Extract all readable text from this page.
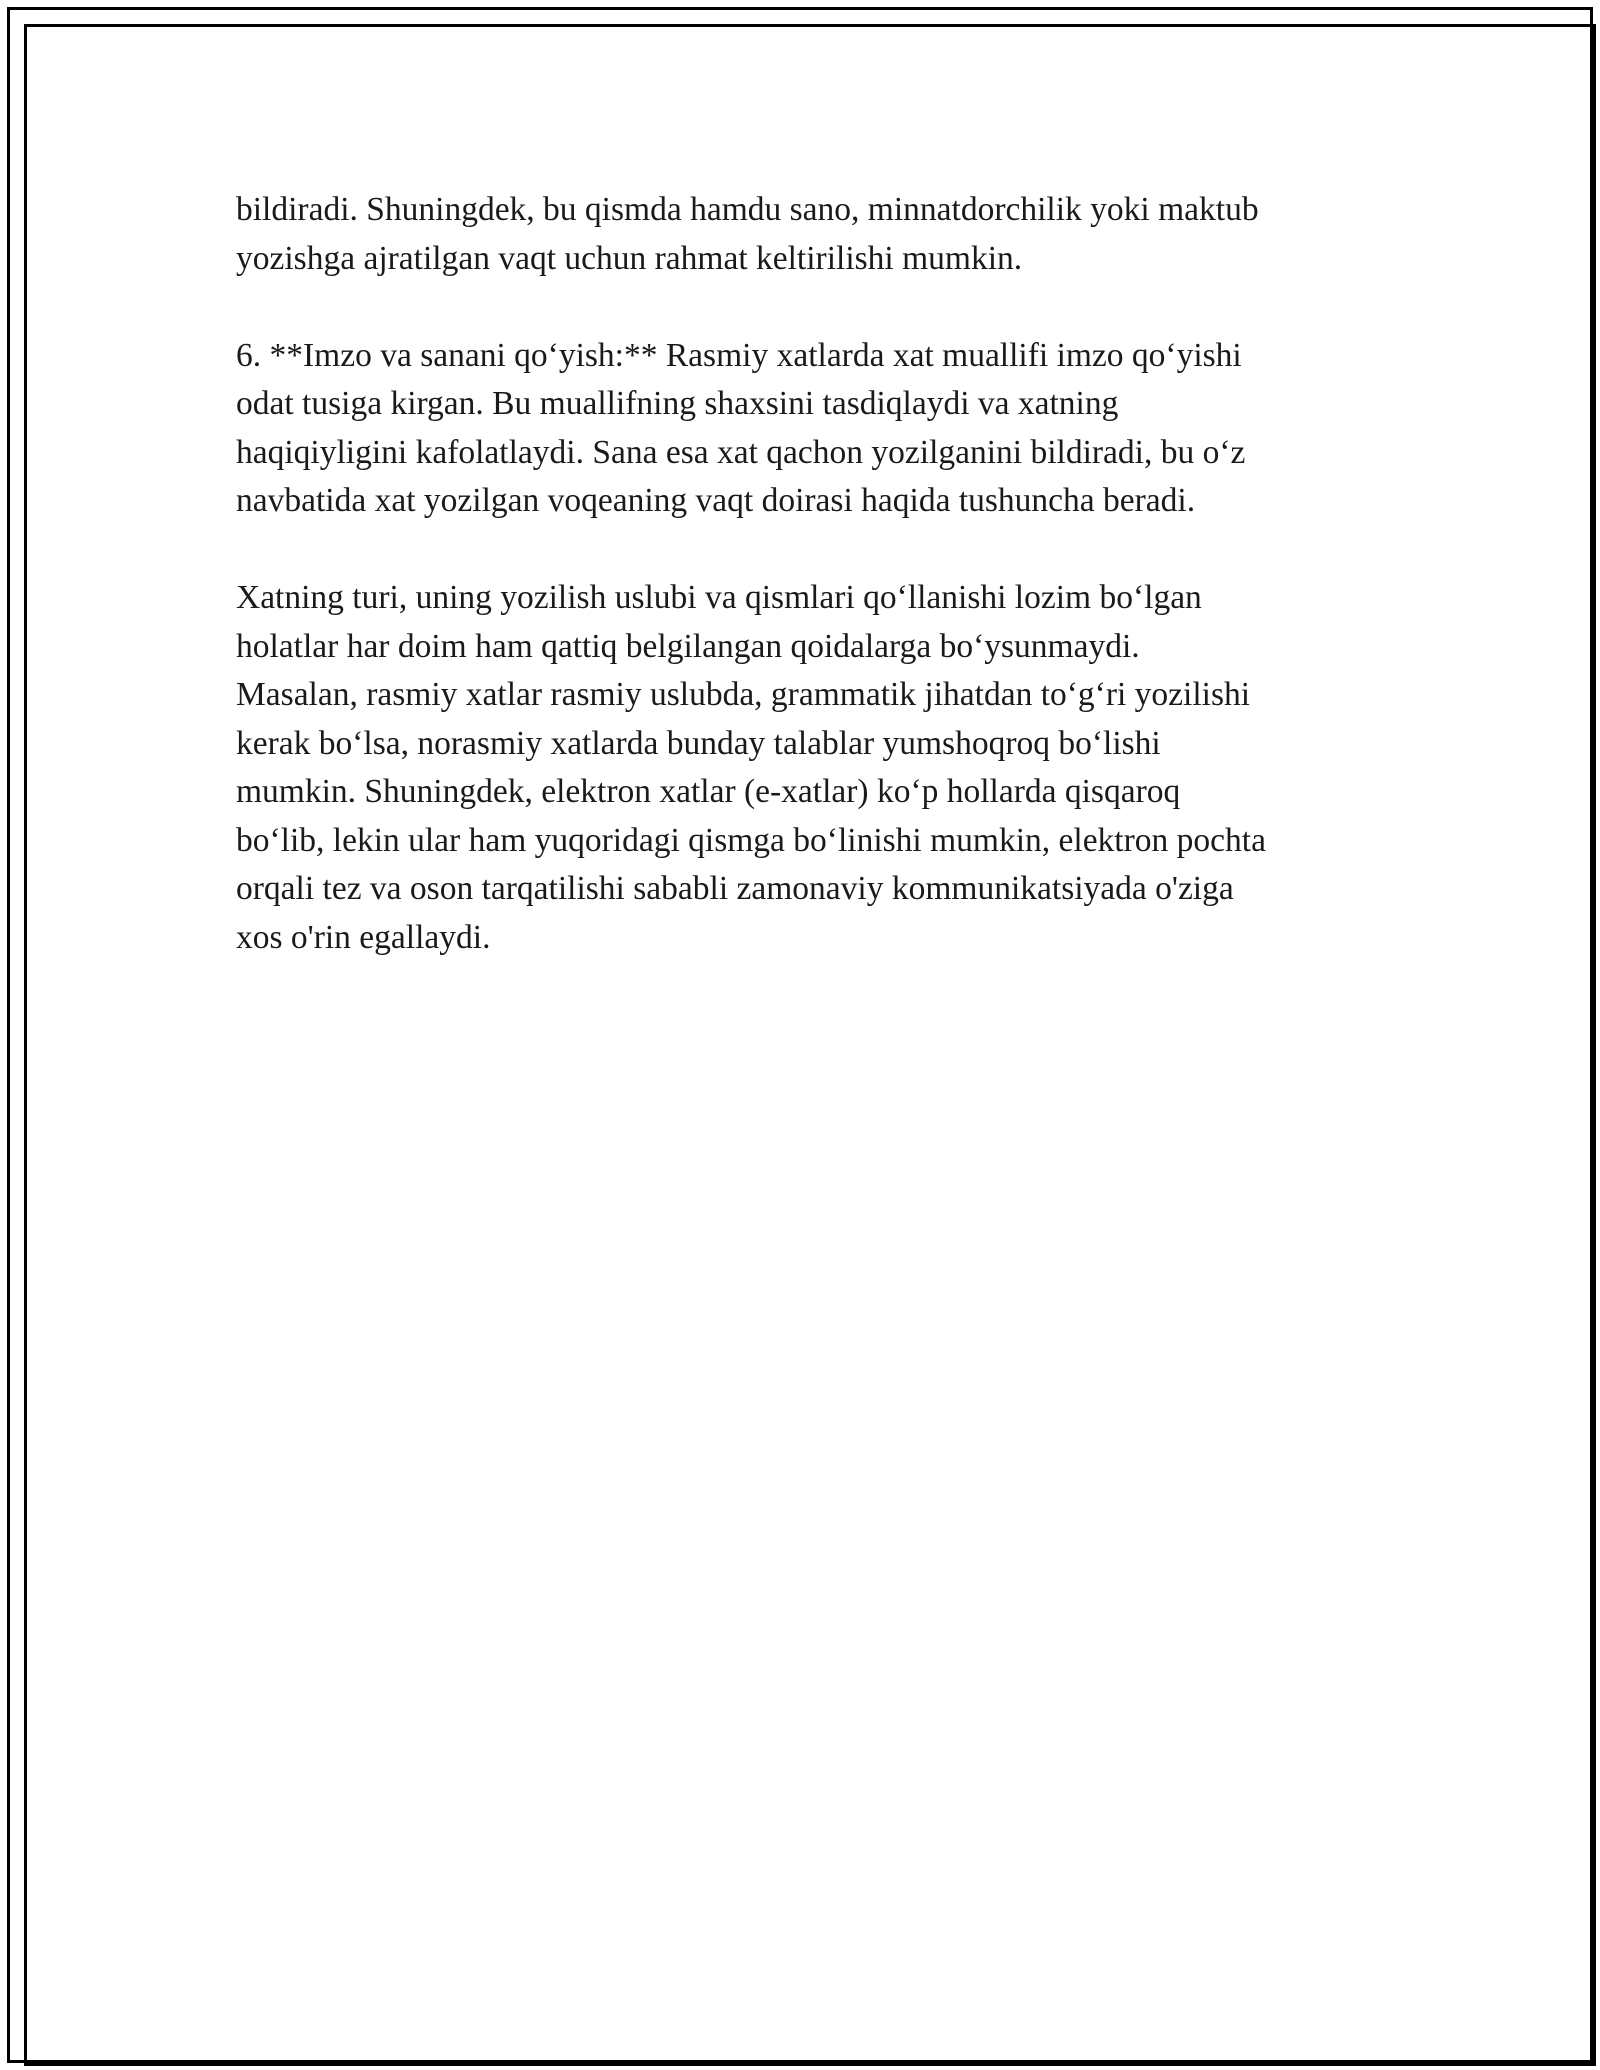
bildiradi. Shuningdek, bu qismda hamdu sano, minnatdorchilik yoki maktub
yozishga ajratilgan vaqt uchun rahmat keltirilishi mumkin.

6. **Imzo va sanani qo‘yish:** Rasmiy xatlarda xat muallifi imzo qo‘yishi
odat tusiga kirgan. Bu muallifning shaxsini tasdiqlaydi va xatning
haqiqiyligini kafolatlaydi. Sana esa xat qachon yozilganini bildiradi, bu o‘z
navbatida xat yozilgan voqeaning vaqt doirasi haqida tushuncha beradi.

Xatning turi, uning yozilish uslubi va qismlari qo‘llanishi lozim bo‘lgan
holatlar har doim ham qattiq belgilangan qoidalarga bo‘ysunmaydi.
Masalan, rasmiy xatlar rasmiy uslubda, grammatik jihatdan to‘g‘ri yozilishi
kerak bo‘lsa, norasmiy xatlarda bunday talablar yumshoqroq bo‘lishi
mumkin. Shuningdek, elektron xatlar (e-xatlar) ko‘p hollarda qisqaroq
bo‘lib, lekin ular ham yuqoridagi qismga bo‘linishi mumkin, elektron pochta
orqali tez va oson tarqatilishi sababli zamonaviy kommunikatsiyada o'ziga
xos o'rin egallaydi.
